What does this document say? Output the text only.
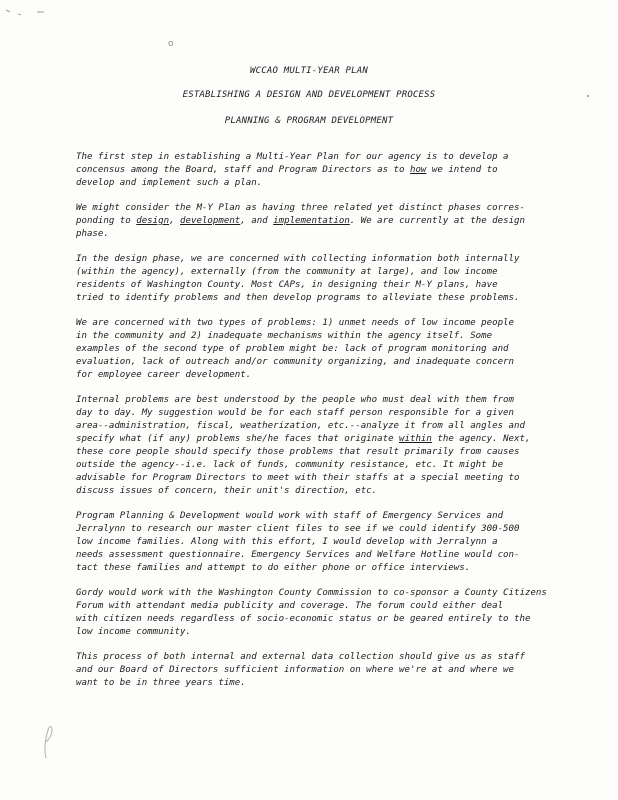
o
WCCAO MULTI-YEAR PLAN
ESTABLISHING A DESIGN AND DEVELOPMENT PROCESS
PLANNING & PROGRAM DEVELOPMENT
The first step in establishing a Multi-Year Plan for our agency is to develop a
concensus among the Board, staff and Program Directors as to how we intend to
develop and implement such a plan.
We might consider the M-Y Plan as having three related yet distinct phases corres-
ponding to design, development, and implementation. We are currently at the design
phase.
In the design phase, we are concerned with collecting information both internally
(within the agency), externally (from the community at large), and low income
residents of Washington County. Most CAPs, in designing their M-Y plans, have
tried to identify problems and then develop programs to alleviate these problems.
We are concerned with two types of problems: 1) unmet needs of low income people
in the community and 2) inadequate mechanisms within the agency itself. Some
examples of the second type of problem might be: lack of program monitoring and
evaluation, lack of outreach and/or community organizing, and inadequate concern
for employee career development.
Internal problems are best understood by the people who must deal with them from
day to day. My suggestion would be for each staff person responsible for a given
area--administration, fiscal, weatherization, etc.--analyze it from all angles and
specify what (if any) problems she/he faces that originate within the agency. Next,
these core people should specify those problems that result primarily from causes
outside the agency--i.e. lack of funds, community resistance, etc. It might be
advisable for Program Directors to meet with their staffs at a special meeting to
discuss issues of concern, their unit's direction, etc.
Program Planning & Development would work with staff of Emergency Services and
Jerralynn to research our master client files to see if we could identify 300-500
low income families. Along with this effort, I would develop with Jerralynn a
needs assessment questionnaire. Emergency Services and Welfare Hotline would con-
tact these families and attempt to do either phone or office interviews.
Gordy would work with the Washington County Commission to co-sponsor a County Citizens
Forum with attendant media publicity and coverage. The forum could either deal
with citizen needs regardless of socio-economic status or be geared entirely to the
low income community.
This process of both internal and external data collection should give us as staff
and our Board of Directors sufficient information on where we're at and where we
want to be in three years time.
